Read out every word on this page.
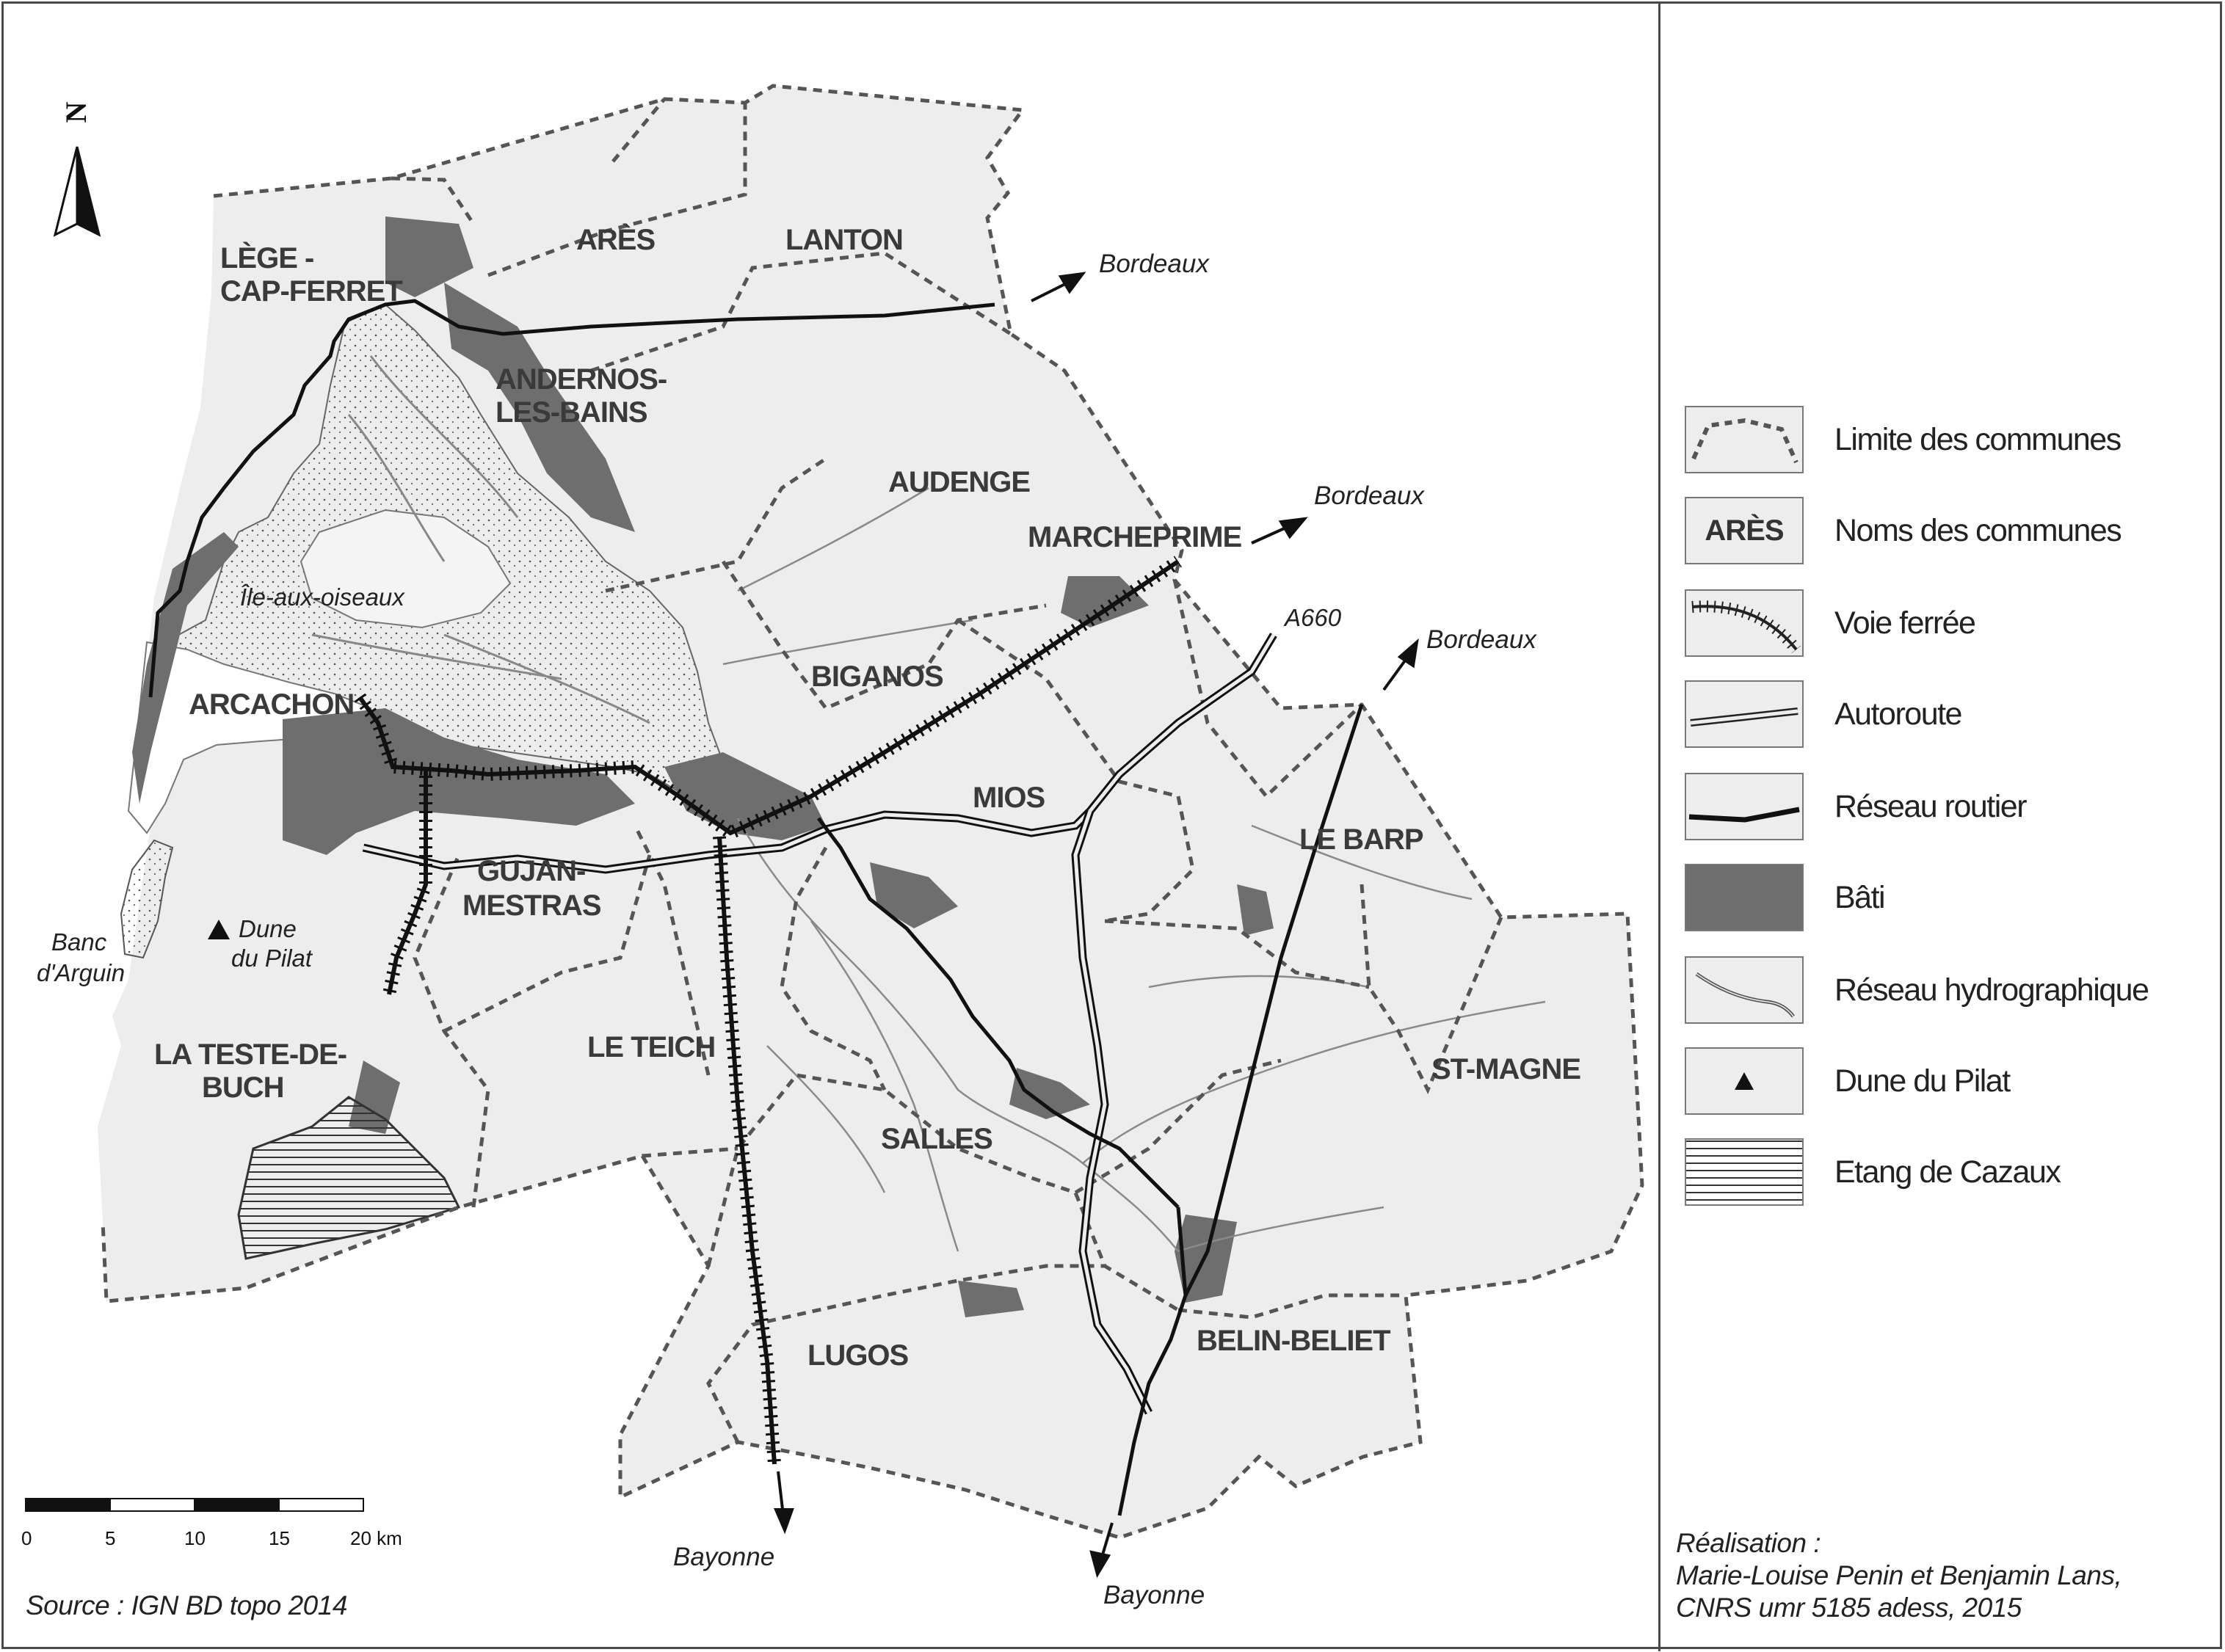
N
LÈGE -CAP-FERRET
ARÈS	LANTON
ANDERNOS-LES-BAINS
AUDENGE
MARCHEPRIME
BIGANOS
ARCACHON
MIOS
GUJAN-MESTRAS
LE BARP
LA TESTE-DE-BUCH
LE TEICH
ST-MAGNE
SALLES
LUGOS	BELIN-BELIET
Île-aux-oiseaux
Banc d'Arguin
Dune du Pilat
A660
Bordeaux
Bordeaux
Bordeaux
Bayonne
Bayonne
0	5	10	15	20 km
Source : IGN BD topo 2014
Limite des communes
ARÈS	Noms des communes
Voie ferrée
Autoroute
Réseau routier
Bâti
Réseau hydrographique
Dune du Pilat
Etang de Cazaux
Réalisation :
Marie-Louise Penin et Benjamin Lans,
CNRS umr 5185 adess, 2015
